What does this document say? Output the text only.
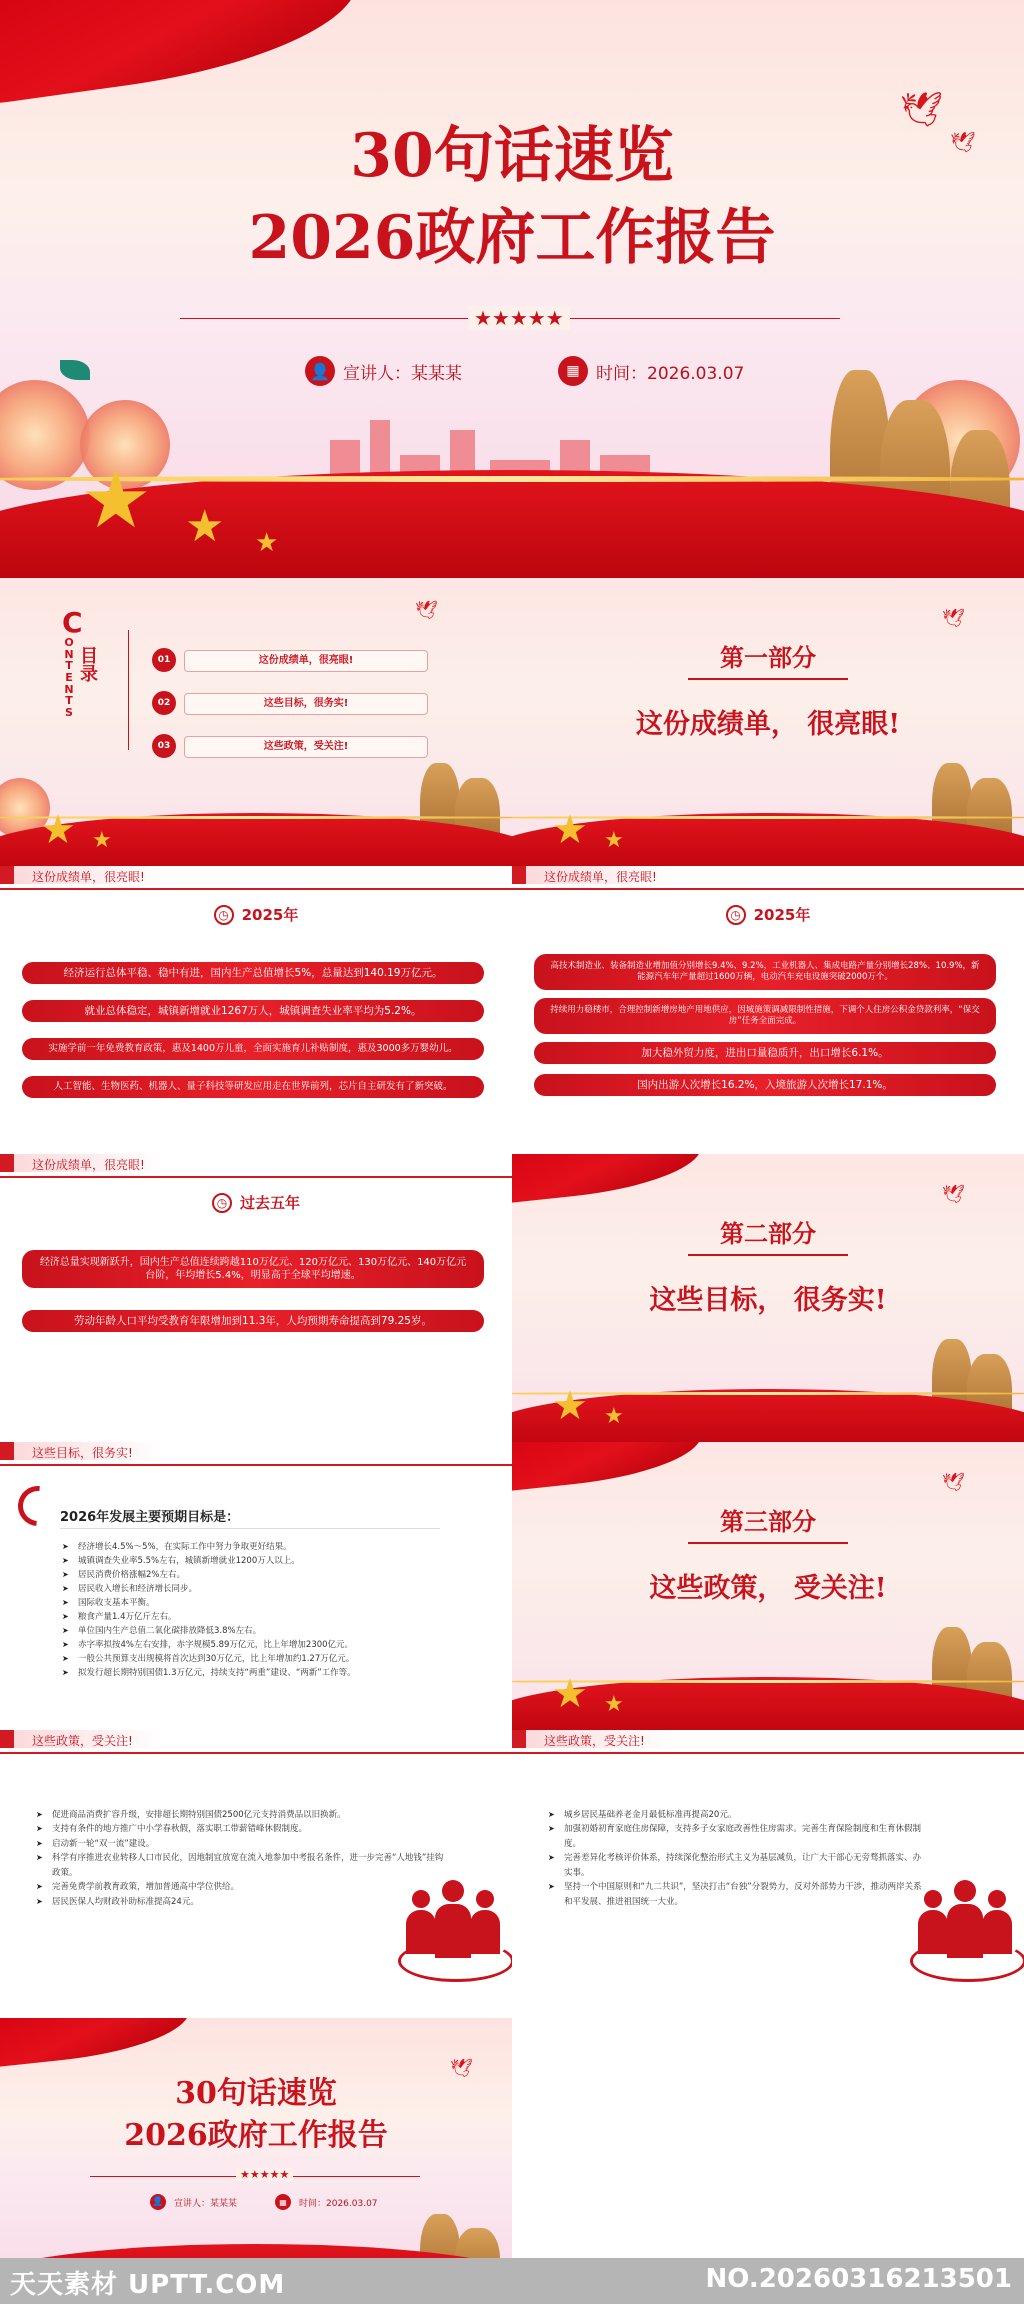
🕊
🕊
30句话速览
2026政府工作报告
★★★★★
👤 宣讲人：某某某	▦ 时间：2026.03.07
★ ★ ★
C
O
N
T
E
N
T
S
目录	01	这份成绩单，很亮眼!
02	这些目标，很务实!
03	这些政策，受关注!
🕊
★ ★
第一部分
这份成绩单， 很亮眼!
🕊
★ ★
这份成绩单，很亮眼!
◷ 2025年
经济运行总体平稳、稳中有进，国内生产总值增长5%，总量达到140.19万亿元。
就业总体稳定，城镇新增就业1267万人，城镇调查失业率平均为5.2%。
实施学前一年免费教育政策，惠及1400万儿童，全面实施育儿补贴制度，惠及3000多万婴幼儿。
人工智能、生物医药、机器人、量子科技等研发应用走在世界前列，芯片自主研发有了新突破。
这份成绩单，很亮眼!
◷ 2025年
高技术制造业、装备制造业增加值分别增长9.4%、9.2%，工业机器人、集成电路产量分别增长28%、10.9%，新能源汽车年产量超过1600万辆，电动汽车充电设施突破2000万个。
持续用力稳楼市，合理控制新增房地产用地供应，因城施策调减限制性措施，下调个人住房公积金贷款利率，“保交房”任务全面完成。
加大稳外贸力度，进出口量稳质升，出口增长6.1%。
国内出游人次增长16.2%，入境旅游人次增长17.1%。
这份成绩单，很亮眼!
◷ 过去五年
经济总量实现新跃升，国内生产总值连续跨越110万亿元、120万亿元、130万亿元、140万亿元台阶，年均增长5.4%，明显高于全球平均增速。
劳动年龄人口平均受教育年限增加到11.3年，人均预期寿命提高到79.25岁。
第二部分
这些目标， 很务实!
🕊
★ ★
这些目标，很务实!
2026年发展主要预期目标是：
➤ 经济增长4.5%～5%，在实际工作中努力争取更好结果。
➤ 城镇调查失业率5.5%左右，城镇新增就业1200万人以上。
➤ 居民消费价格涨幅2%左右。
➤ 居民收入增长和经济增长同步。
➤ 国际收支基本平衡。
➤ 粮食产量1.4万亿斤左右。
➤ 单位国内生产总值二氧化碳排放降低3.8%左右。
➤ 赤字率拟按4%左右安排，赤字规模5.89万亿元，比上年增加2300亿元。
➤ 一般公共预算支出规模将首次达到30万亿元，比上年增加约1.27万亿元。
➤ 拟发行超长期特别国债1.3万亿元，持续支持“两重”建设、“两新”工作等。
第三部分
这些政策， 受关注!
🕊
★ ★
这些政策，受关注!
➤ 促进商品消费扩容升级，安排超长期特别国债2500亿元支持消费品以旧换新。
➤ 支持有条件的地方推广中小学春秋假，落实职工带薪错峰休假制度。
➤ 启动新一轮“双一流”建设。
➤ 科学有序推进农业转移人口市民化，因地制宜放宽在流入地参加中考报名条件，进一步完善“人地钱”挂钩政策。
➤ 完善免费学前教育政策，增加普通高中学位供给。
➤ 居民医保人均财政补助标准提高24元。
这些政策，受关注!
➤ 城乡居民基础养老金月最低标准再提高20元。
➤ 加强初婚初育家庭住房保障，支持多子女家庭改善性住房需求。完善生育保险制度和生育休假制度。
➤ 完善差异化考核评价体系，持续深化整治形式主义为基层减负，让广大干部心无旁骛抓落实、办实事。
➤ 坚持一个中国原则和“九二共识”，坚决打击“台独”分裂势力，反对外部势力干涉，推动两岸关系和平发展、推进祖国统一大业。
🕊
30句话速览
2026政府工作报告
★★★★★
👤 宣讲人：某某某	▦	时间：2026.03.07
天天素材 UPTT.COM	NO.20260316213501
